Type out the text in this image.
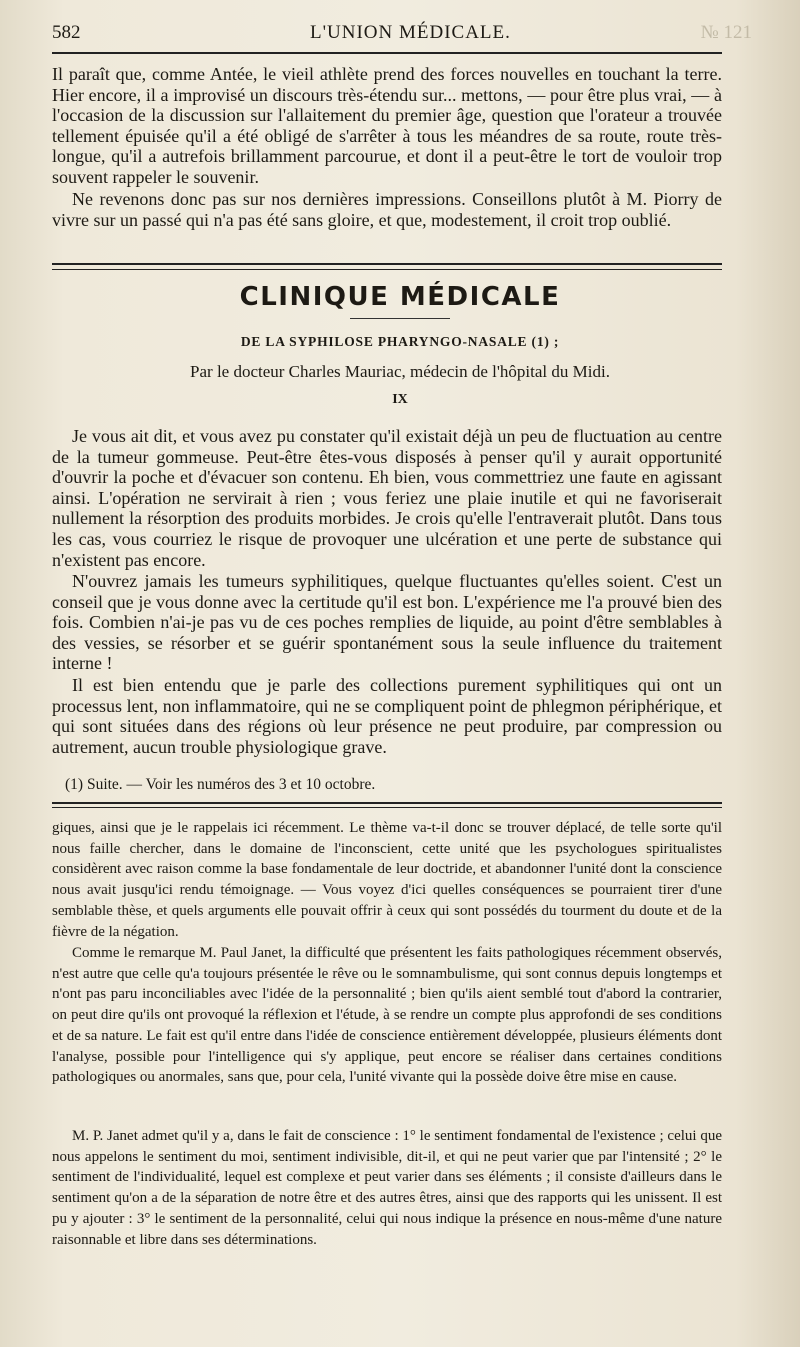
582	L'UNION MÉDICALE.	№ 121

Il paraît que, comme Antée, le vieil athlète prend des forces nouvelles en touchant la terre. Hier encore, il a improvisé un discours très-étendu sur... mettons, — pour être plus vrai, — à l'occasion de la discussion sur l'allaitement du premier âge, question que l'orateur a trouvée tellement épuisée qu'il a été obligé de s'arrêter à tous les méandres de sa route, route très-longue, qu'il a autrefois brillamment parcourue, et dont il a peut-être le tort de vouloir trop souvent rappeler le souvenir.

Ne revenons donc pas sur nos dernières impressions. Conseillons plutôt à M. Piorry de vivre sur un passé qui n'a pas été sans gloire, et que, modestement, il croit trop oublié.

CLINIQUE MÉDICALE
DE LA SYPHILOSE PHARYNGO-NASALE (1) ;
Par le docteur Charles Mauriac, médecin de l'hôpital du Midi.
IX

Je vous ait dit, et vous avez pu constater qu'il existait déjà un peu de fluctuation au centre de la tumeur gommeuse. Peut-être êtes-vous disposés à penser qu'il y aurait opportunité d'ouvrir la poche et d'évacuer son contenu. Eh bien, vous commettriez une faute en agissant ainsi. L'opération ne servirait à rien ; vous feriez une plaie inutile et qui ne favoriserait nullement la résorption des produits morbides. Je crois qu'elle l'entraverait plutôt. Dans tous les cas, vous courriez le risque de provoquer une ulcération et une perte de substance qui n'existent pas encore.

N'ouvrez jamais les tumeurs syphilitiques, quelque fluctuantes qu'elles soient. C'est un conseil que je vous donne avec la certitude qu'il est bon. L'expérience me l'a prouvé bien des fois. Combien n'ai-je pas vu de ces poches remplies de liquide, au point d'être semblables à des vessies, se résorber et se guérir spontanément sous la seule influence du traitement interne !

Il est bien entendu que je parle des collections purement syphilitiques qui ont un processus lent, non inflammatoire, qui ne se compliquent point de phlegmon périphérique, et qui sont situées dans des régions où leur présence ne peut produire, par compression ou autrement, aucun trouble physiologique grave.

(1) Suite. — Voir les numéros des 3 et 10 octobre.

giques, ainsi que je le rappelais ici récemment. Le thème va-t-il donc se trouver déplacé, de telle sorte qu'il nous faille chercher, dans le domaine de l'inconscient, cette unité que les psychologues spiritualistes considèrent avec raison comme la base fondamentale de leur doctride, et abandonner l'unité dont la conscience nous avait jusqu'ici rendu témoignage. — Vous voyez d'ici quelles conséquences se pourraient tirer d'une semblable thèse, et quels arguments elle pouvait offrir à ceux qui sont possédés du tourment du doute et de la fièvre de la négation.

Comme le remarque M. Paul Janet, la difficulté que présentent les faits pathologiques récemment observés, n'est autre que celle qu'a toujours présentée le rêve ou le somnambulisme, qui sont connus depuis longtemps et n'ont pas paru inconciliables avec l'idée de la personnalité ; bien qu'ils aient semblé tout d'abord la contrarier, on peut dire qu'ils ont provoqué la réflexion et l'étude, à se rendre un compte plus approfondi de ses conditions et de sa nature. Le fait est qu'il entre dans l'idée de conscience entièrement développée, plusieurs éléments dont l'analyse, possible pour l'intelligence qui s'y applique, peut encore se réaliser dans certaines conditions pathologiques ou anormales, sans que, pour cela, l'unité vivante qui la possède doive être mise en cause.

M. P. Janet admet qu'il y a, dans le fait de conscience : 1° le sentiment fondamental de l'existence ; celui que nous appelons le sentiment du moi, sentiment indivisible, dit-il, et qui ne peut varier que par l'intensité ; 2° le sentiment de l'individualité, lequel est complexe et peut varier dans ses éléments ; il consiste d'ailleurs dans le sentiment qu'on a de la séparation de notre être et des autres êtres, ainsi que des rapports qui les unissent. Il est pu y ajouter : 3° le sentiment de la personnalité, celui qui nous indique la présence en nous-même d'une nature raisonnable et libre dans ses déterminations.
